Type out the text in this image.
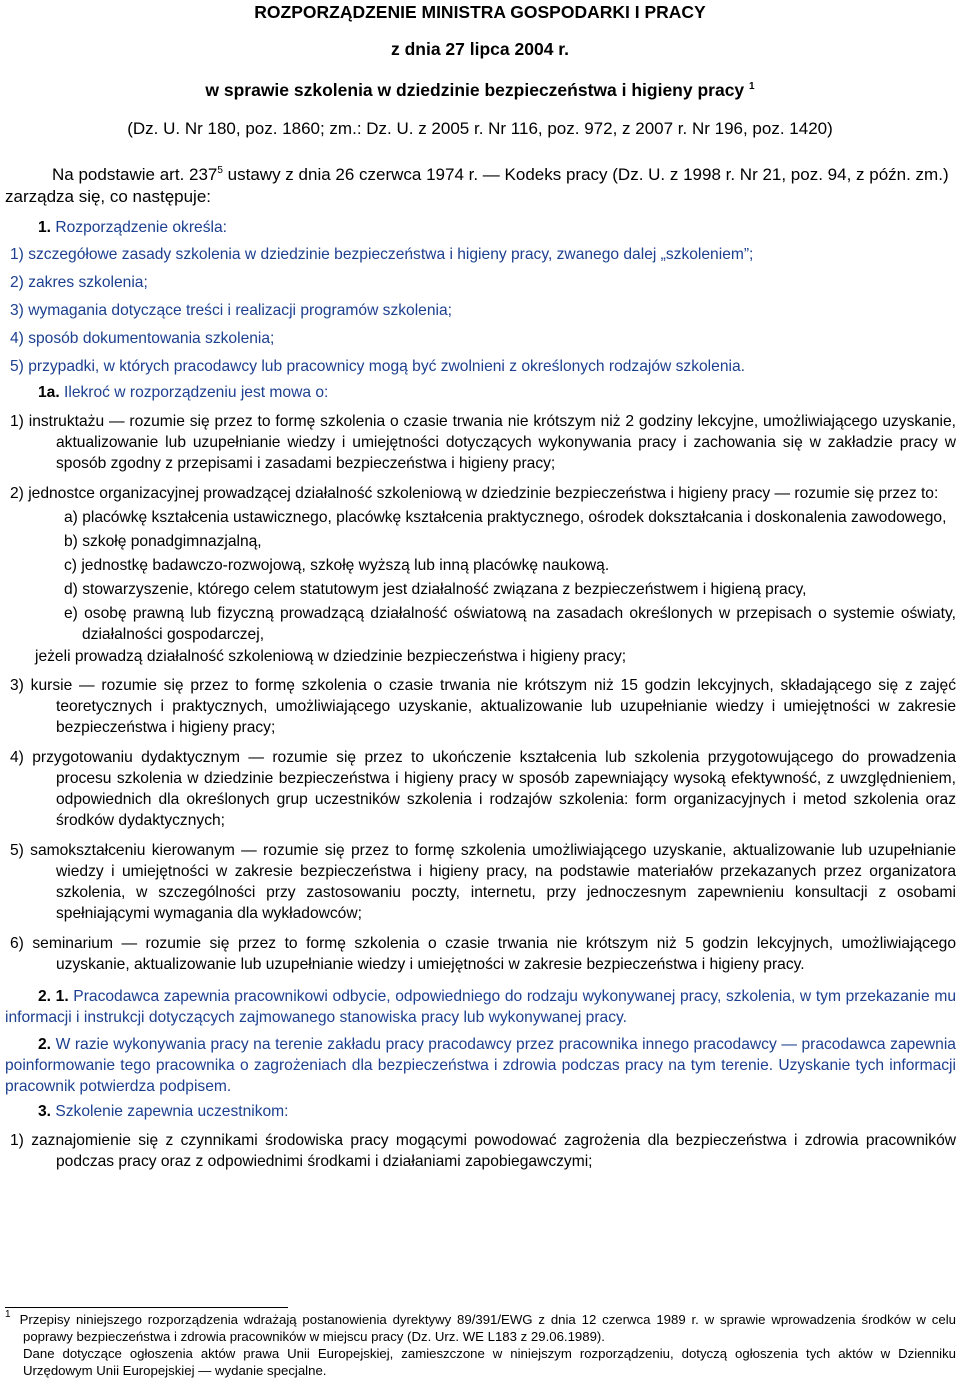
ROZPORZĄDZENIE MINISTRA GOSPODARKI I PRACY

z dnia 27 lipca 2004 r.

w sprawie szkolenia w dziedzinie bezpieczeństwa i higieny pracy $^1$

(Dz. U. Nr 180, poz. 1860; zm.: Dz. U. z 2005 r. Nr 116, poz. 972, z 2007 r. Nr 196, poz. 1420)

Na podstawie art. $237^5$ ustawy z dnia 26 czerwca 1974 r. — Kodeks pracy (Dz. U. z 1998 r. Nr 21, poz. 94, z późn. zm.) zarządza się, co następuje:

1. Rozporządzenie określa:

1) szczegółowe zasady szkolenia w dziedzinie bezpieczeństwa i higieny pracy, zwanego dalej „szkoleniem”;

2) zakres szkolenia;

3) wymagania dotyczące treści i realizacji programów szkolenia;

4) sposób dokumentowania szkolenia;

5) przypadki, w których pracodawcy lub pracownicy mogą być zwolnieni z określonych rodzajów szkolenia.

1a. Ilekroć w rozporządzeniu jest mowa o:

1) instruktażu — rozumie się przez to formę szkolenia o czasie trwania nie krótszym niż 2 godziny lekcyjne, umożliwiającego uzyskanie, aktualizowanie lub uzupełnianie wiedzy i umiejętności dotyczących wykonywania pracy i zachowania się w zakładzie pracy w sposób zgodny z przepisami i zasadami bezpieczeństwa i higieny pracy;

2) jednostce organizacyjnej prowadzącej działalność szkoleniową w dziedzinie bezpieczeństwa i higieny pracy — rozumie się przez to:

a) placówkę kształcenia ustawicznego, placówkę kształcenia praktycznego, ośrodek dokształcania i doskonalenia zawodowego,

b) szkołę ponadgimnazjalną,

c) jednostkę badawczo-rozwojową, szkołę wyższą lub inną placówkę naukową.

d) stowarzyszenie, którego celem statutowym jest działalność związana z bezpieczeństwem i higieną pracy,

e) osobę prawną lub fizyczną prowadzącą działalność oświatową na zasadach określonych w przepisach o systemie oświaty, działalności gospodarczej,

jeżeli prowadzą działalność szkoleniową w dziedzinie bezpieczeństwa i higieny pracy;

3) kursie — rozumie się przez to formę szkolenia o czasie trwania nie krótszym niż 15 godzin lekcyjnych, składającego się z zajęć teoretycznych i praktycznych, umożliwiającego uzyskanie, aktualizowanie lub uzupełnianie wiedzy i umiejętności w zakresie bezpieczeństwa i higieny pracy;

4) przygotowaniu dydaktycznym — rozumie się przez to ukończenie kształcenia lub szkolenia przygotowującego do prowadzenia procesu szkolenia w dziedzinie bezpieczeństwa i higieny pracy w sposób zapewniający wysoką efektywność, z uwzględnieniem, odpowiednich dla określonych grup uczestników szkolenia i rodzajów szkolenia: form organizacyjnych i metod szkolenia oraz środków dydaktycznych;

5) samokształceniu kierowanym — rozumie się przez to formę szkolenia umożliwiającego uzyskanie, aktualizowanie lub uzupełnianie wiedzy i umiejętności w zakresie bezpieczeństwa i higieny pracy, na podstawie materiałów przekazanych przez organizatora szkolenia, w szczególności przy zastosowaniu poczty, internetu, przy jednoczesnym zapewnieniu konsultacji z osobami spełniającymi wymagania dla wykładowców;

6) seminarium — rozumie się przez to formę szkolenia o czasie trwania nie krótszym niż 5 godzin lekcyjnych, umożliwiającego uzyskanie, aktualizowanie lub uzupełnianie wiedzy i umiejętności w zakresie bezpieczeństwa i higieny pracy.

2. 1. Pracodawca zapewnia pracownikowi odbycie, odpowiedniego do rodzaju wykonywanej pracy, szkolenia, w tym przekazanie mu informacji i instrukcji dotyczących zajmowanego stanowiska pracy lub wykonywanej pracy.

2. W razie wykonywania pracy na terenie zakładu pracy pracodawcy przez pracownika innego pracodawcy — pracodawca zapewnia poinformowanie tego pracownika o zagrożeniach dla bezpieczeństwa i zdrowia podczas pracy na tym terenie. Uzyskanie tych informacji pracownik potwierdza podpisem.

3. Szkolenie zapewnia uczestnikom:

1) zaznajomienie się z czynnikami środowiska pracy mogącymi powodować zagrożenia dla bezpieczeństwa i zdrowia pracowników podczas pracy oraz z odpowiednimi środkami i działaniami zapobiegawczymi;

$^1$ Przepisy niniejszego rozporządzenia wdrażają postanowienia dyrektywy 89/391/EWG z dnia 12 czerwca 1989 r. w sprawie wprowadzenia środków w celu poprawy bezpieczeństwa i zdrowia pracowników w miejscu pracy (Dz. Urz. WE L183 z 29.06.1989).

Dane dotyczące ogłoszenia aktów prawa Unii Europejskiej, zamieszczone w niniejszym rozporządzeniu, dotyczą ogłoszenia tych aktów w Dzienniku Urzędowym Unii Europejskiej — wydanie specjalne.
